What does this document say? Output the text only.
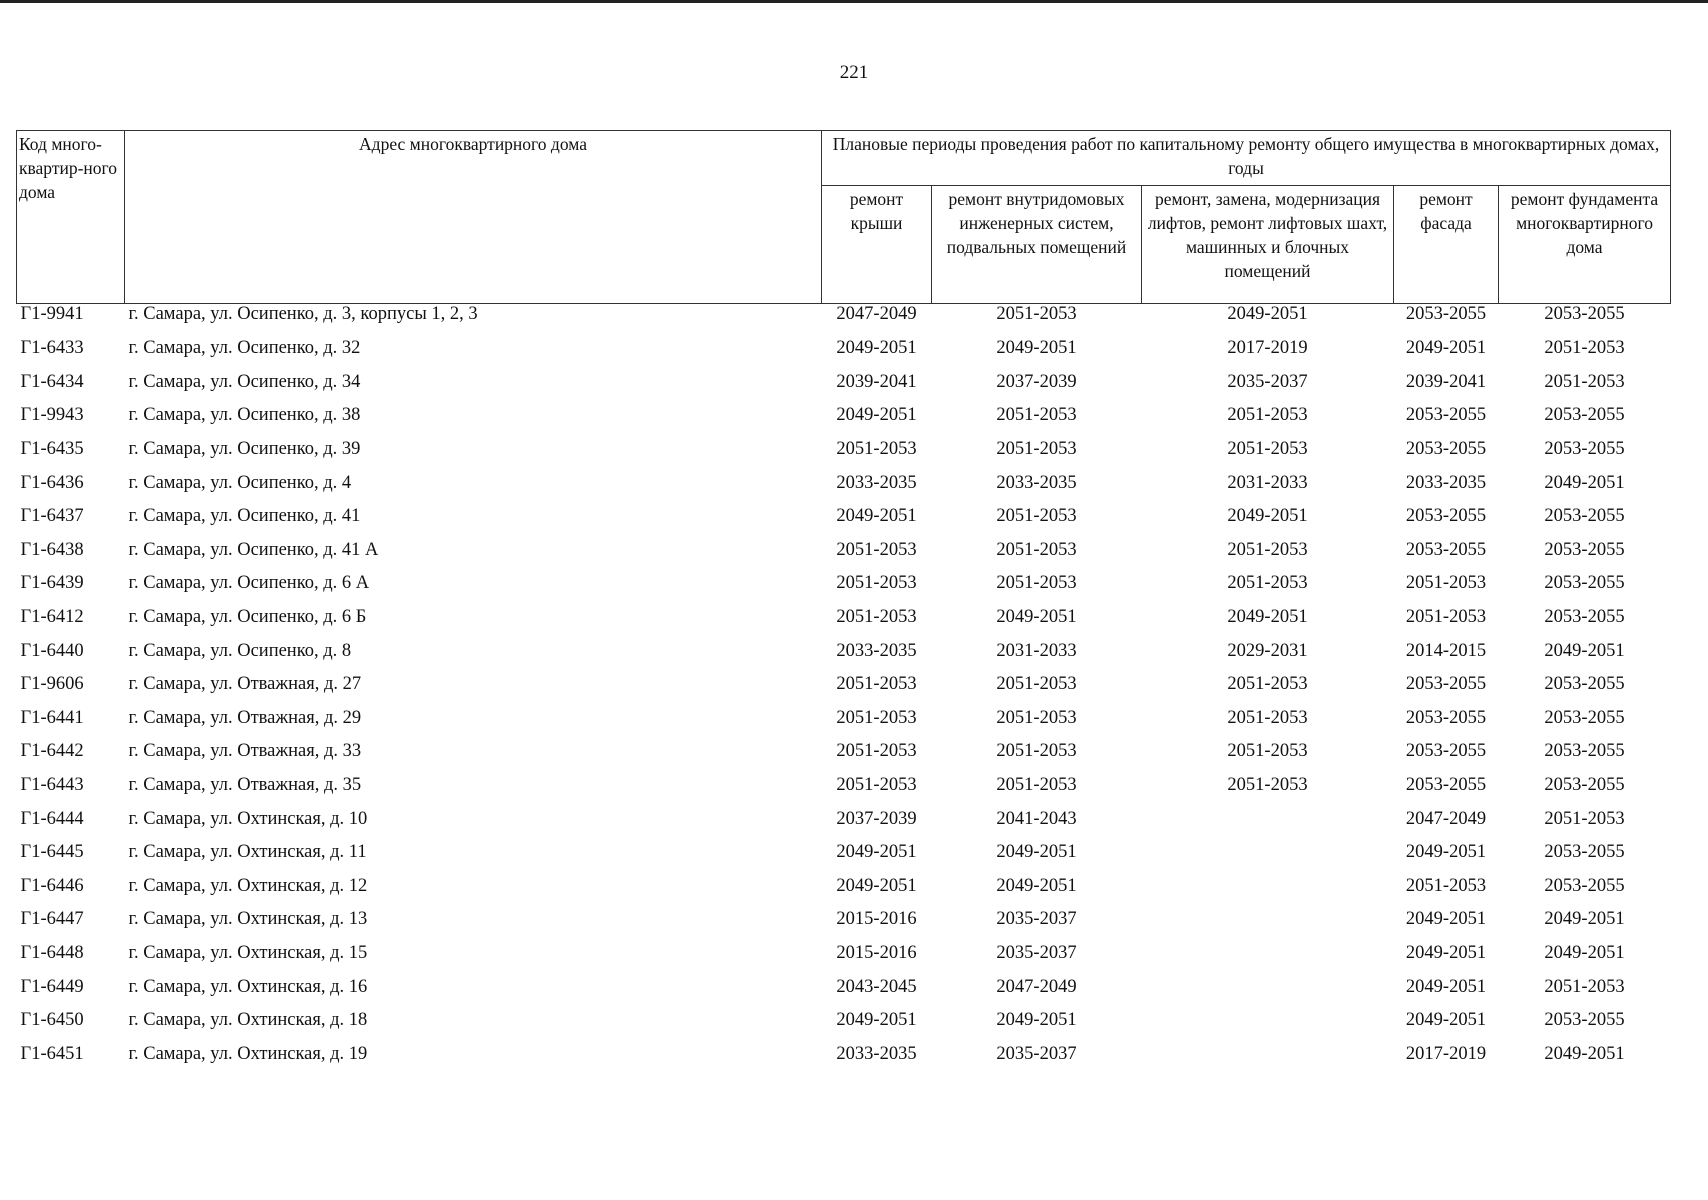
221
Код много-квартир-ного дома	Адрес многоквартирного дома	Плановые периоды проведения работ по капитальному ремонту общего имущества в многоквартирных домах, годы				
		ремонт крыши	ремонт внутридомовых инженерных систем, подвальных помещений	ремонт, замена, модернизация лифтов, ремонт лифтовых шахт, машинных и блочных помещений	ремонт фасада	ремонт фундамента многоквартирного дома
Г1-9941	г. Самара, ул. Осипенко, д. 3, корпусы 1, 2, 3	2047-2049	2051-2053	2049-2051	2053-2055	2053-2055
Г1-6433	г. Самара, ул. Осипенко, д. 32	2049-2051	2049-2051	2017-2019	2049-2051	2051-2053
Г1-6434	г. Самара, ул. Осипенко, д. 34	2039-2041	2037-2039	2035-2037	2039-2041	2051-2053
Г1-9943	г. Самара, ул. Осипенко, д. 38	2049-2051	2051-2053	2051-2053	2053-2055	2053-2055
Г1-6435	г. Самара, ул. Осипенко, д. 39	2051-2053	2051-2053	2051-2053	2053-2055	2053-2055
Г1-6436	г. Самара, ул. Осипенко, д. 4	2033-2035	2033-2035	2031-2033	2033-2035	2049-2051
Г1-6437	г. Самара, ул. Осипенко, д. 41	2049-2051	2051-2053	2049-2051	2053-2055	2053-2055
Г1-6438	г. Самара, ул. Осипенко, д. 41 А	2051-2053	2051-2053	2051-2053	2053-2055	2053-2055
Г1-6439	г. Самара, ул. Осипенко, д. 6 А	2051-2053	2051-2053	2051-2053	2051-2053	2053-2055
Г1-6412	г. Самара, ул. Осипенко, д. 6 Б	2051-2053	2049-2051	2049-2051	2051-2053	2053-2055
Г1-6440	г. Самара, ул. Осипенко, д. 8	2033-2035	2031-2033	2029-2031	2014-2015	2049-2051
Г1-9606	г. Самара, ул. Отважная, д. 27	2051-2053	2051-2053	2051-2053	2053-2055	2053-2055
Г1-6441	г. Самара, ул. Отважная, д. 29	2051-2053	2051-2053	2051-2053	2053-2055	2053-2055
Г1-6442	г. Самара, ул. Отважная, д. 33	2051-2053	2051-2053	2051-2053	2053-2055	2053-2055
Г1-6443	г. Самара, ул. Отважная, д. 35	2051-2053	2051-2053	2051-2053	2053-2055	2053-2055
Г1-6444	г. Самара, ул. Охтинская, д. 10	2037-2039	2041-2043		2047-2049	2051-2053
Г1-6445	г. Самара, ул. Охтинская, д. 11	2049-2051	2049-2051		2049-2051	2053-2055
Г1-6446	г. Самара, ул. Охтинская, д. 12	2049-2051	2049-2051		2051-2053	2053-2055
Г1-6447	г. Самара, ул. Охтинская, д. 13	2015-2016	2035-2037		2049-2051	2049-2051
Г1-6448	г. Самара, ул. Охтинская, д. 15	2015-2016	2035-2037		2049-2051	2049-2051
Г1-6449	г. Самара, ул. Охтинская, д. 16	2043-2045	2047-2049		2049-2051	2051-2053
Г1-6450	г. Самара, ул. Охтинская, д. 18	2049-2051	2049-2051		2049-2051	2053-2055
Г1-6451	г. Самара, ул. Охтинская, д. 19	2033-2035	2035-2037		2017-2019	2049-2051
